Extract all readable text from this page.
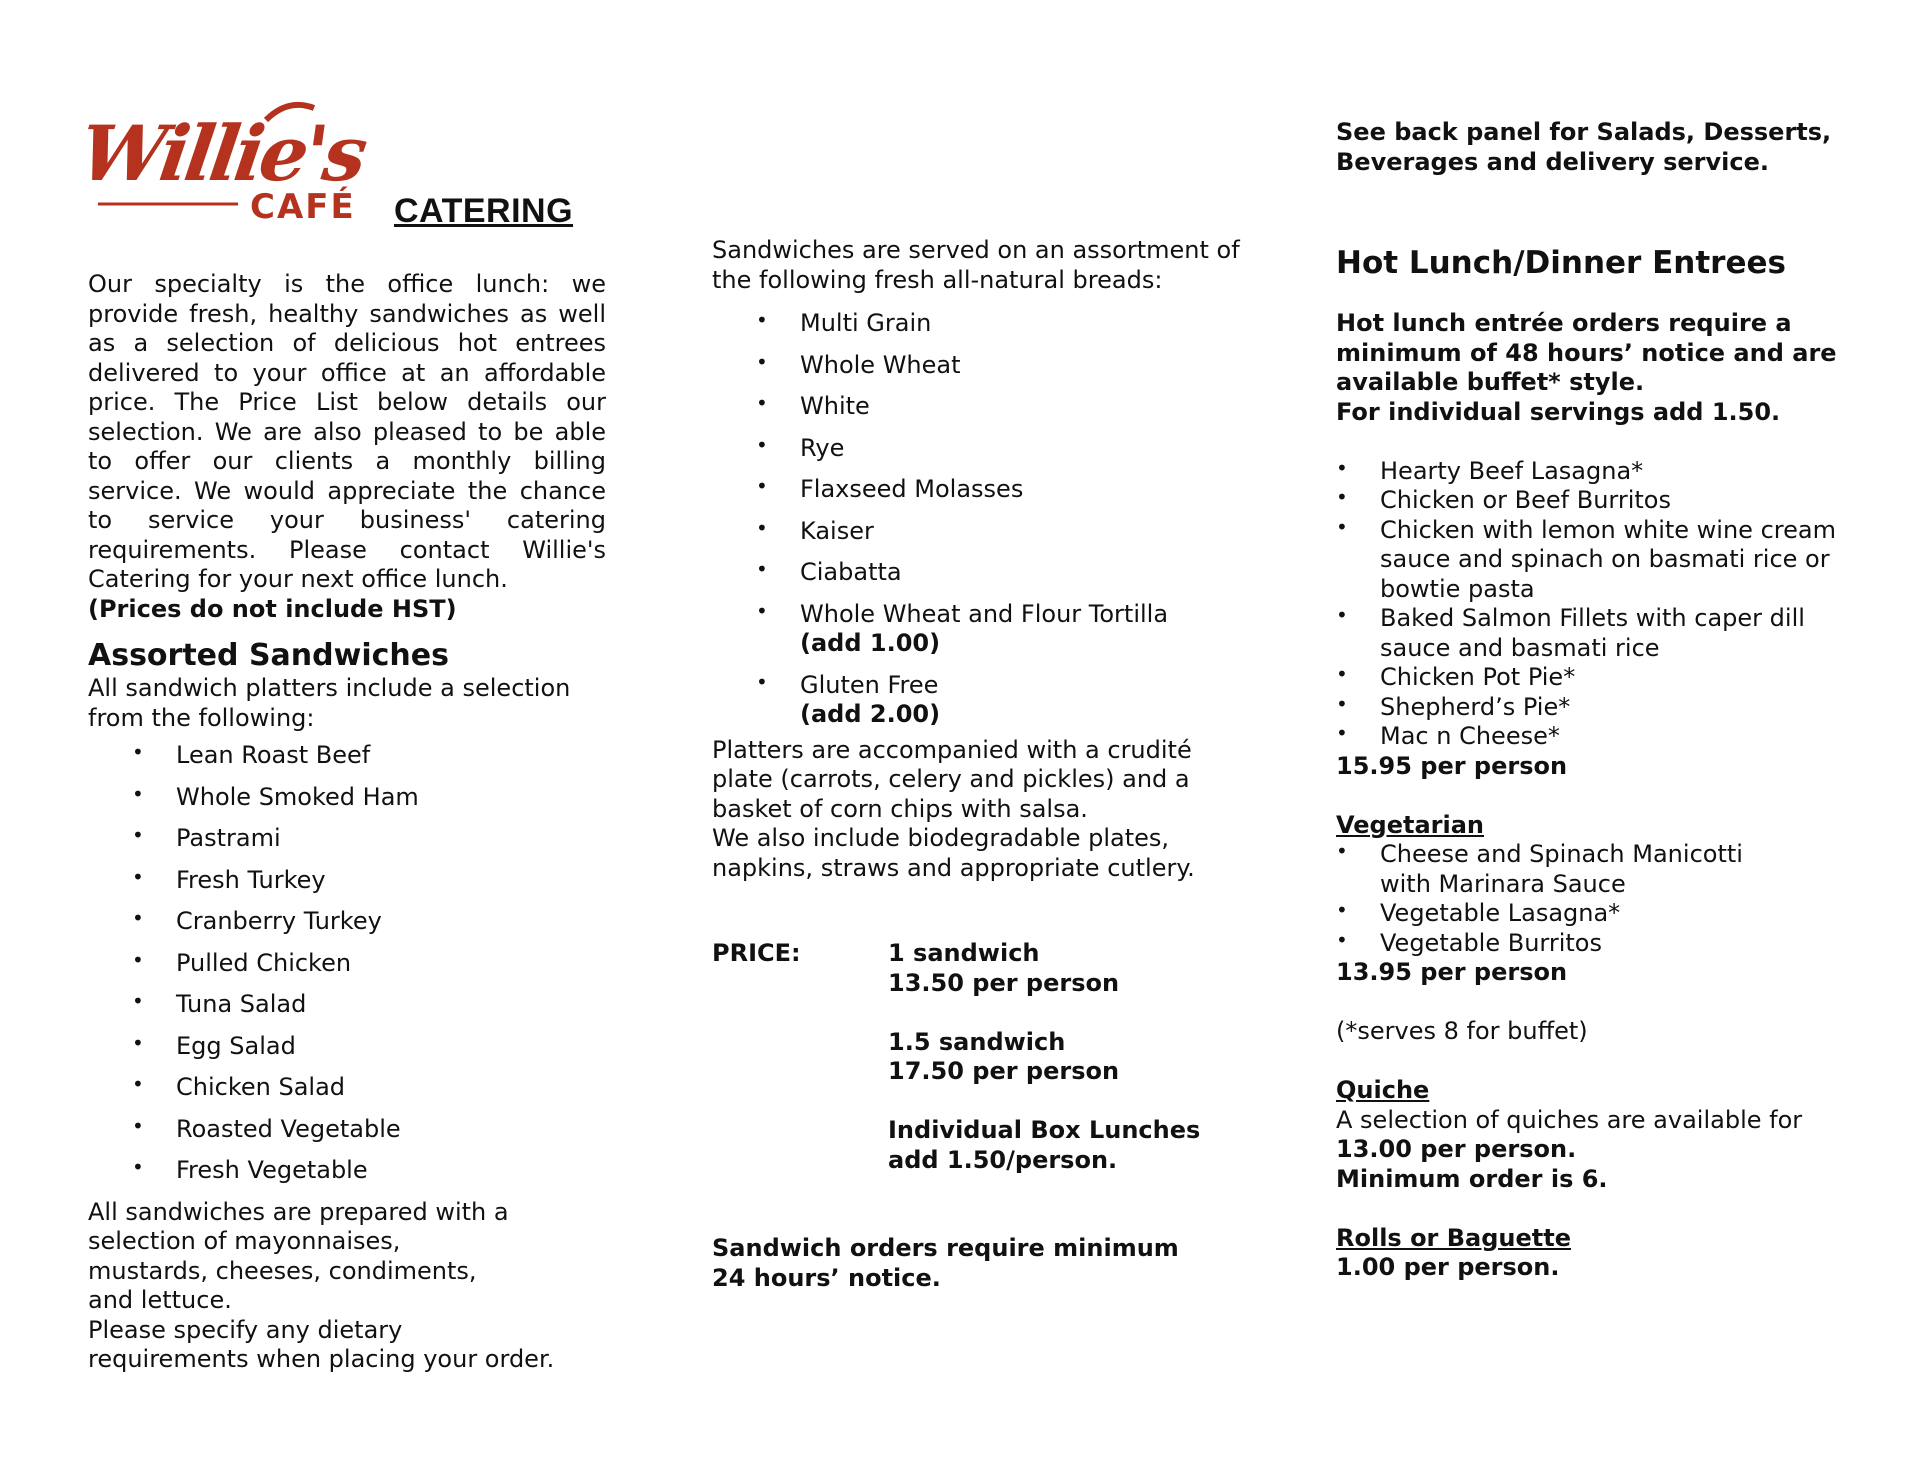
Willie's
CAFÉ CATERING

Our specialty is the office lunch: we provide fresh, healthy sandwiches as well as a selection of delicious hot entrees delivered to your office at an affordable price. The Price List below details our selection. We are also pleased to be able to offer our clients a monthly billing service. We would appreciate the chance to service your business' catering requirements. Please contact Willie's Catering for your next office lunch.

(Prices do not include HST)

Assorted Sandwiches

All sandwich platters include a selection from the following:

• Lean Roast Beef
• Whole Smoked Ham
• Pastrami
• Fresh Turkey
• Cranberry Turkey
• Pulled Chicken
• Tuna Salad
• Egg Salad
• Chicken Salad
• Roasted Vegetable
• Fresh Vegetable

All sandwiches are prepared with a selection of mayonnaises, mustards, cheeses, condiments, and lettuce.

Please specify any dietary requirements when placing your order.

Sandwiches are served on an assortment of the following fresh all-natural breads:

• Multi Grain
• Whole Wheat
• White
• Rye
• Flaxseed Molasses
• Kaiser
• Ciabatta
• Whole Wheat and Flour Tortilla
(add 1.00)
• Gluten Free
(add 2.00)

Platters are accompanied with a crudité plate (carrots, celery and pickles) and a basket of corn chips with salsa.

We also include biodegradable plates, napkins, straws and appropriate cutlery.

PRICE:	1 sandwich
13.50 per person
1.5 sandwich
17.50 per person
Individual Box Lunches
add 1.50/person.

Sandwich orders require minimum 24 hours’ notice.

See back panel for Salads, Desserts, Beverages and delivery service.

Hot Lunch/Dinner Entrees

Hot lunch entrée orders require a minimum of 48 hours’ notice and are available buffet* style.

For individual servings add 1.50.

• Hearty Beef Lasagna*
• Chicken or Beef Burritos
• Chicken with lemon white wine cream sauce and spinach on basmati rice or bowtie pasta
• Baked Salmon Fillets with caper dill sauce and basmati rice
• Chicken Pot Pie*
• Shepherd’s Pie*
• Mac n Cheese*

15.95 per person

Vegetarian

• Cheese and Spinach Manicotti with Marinara Sauce
• Vegetable Lasagna*
• Vegetable Burritos

13.95 per person

(*serves 8 for buffet)

Quiche

A selection of quiches are available for

13.00 per person.

Minimum order is 6.

Rolls or Baguette

1.00 per person.
